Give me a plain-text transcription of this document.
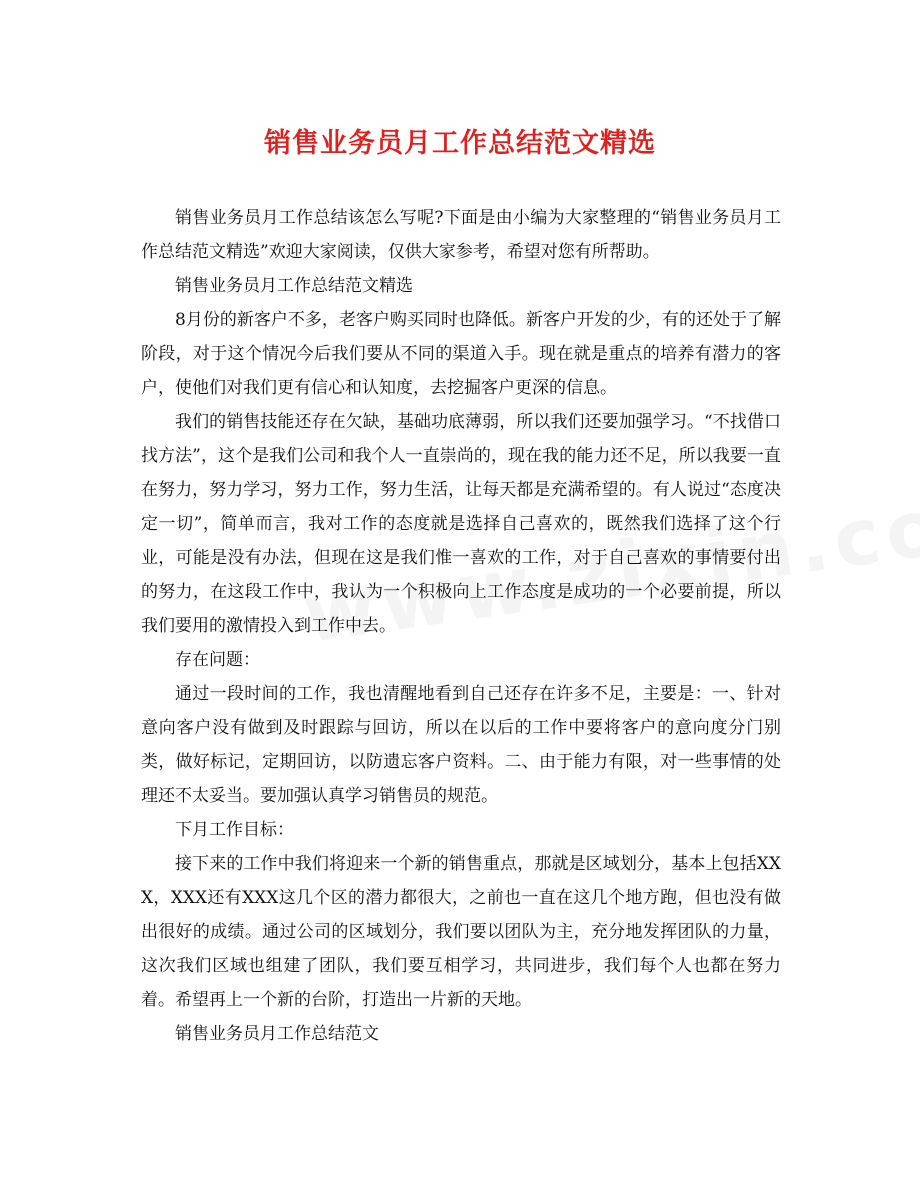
销售业务员月工作总结范文精选

销售业务员月工作总结该怎么写呢?下面是由小编为大家整理的“销售业务员月工作总结范文精选”欢迎大家阅读，仅供大家参考，希望对您有所帮助。

销售业务员月工作总结范文精选

8月份的新客户不多，老客户购买同时也降低。新客户开发的少，有的还处于了解阶段，对于这个情况今后我们要从不同的渠道入手。现在就是重点的培养有潜力的客户，使他们对我们更有信心和认知度，去挖掘客户更深的信息。

我们的销售技能还存在欠缺，基础功底薄弱，所以我们还要加强学习。“不找借口找方法”，这个是我们公司和我个人一直崇尚的，现在我的能力还不足，所以我要一直在努力，努力学习，努力工作，努力生活，让每天都是充满希望的。有人说过“态度决定一切”，简单而言，我对工作的态度就是选择自己喜欢的，既然我们选择了这个行业，可能是没有办法，但现在这是我们惟一喜欢的工作，对于自己喜欢的事情要付出的努力，在这段工作中，我认为一个积极向上工作态度是成功的一个必要前提，所以我们要用的激情投入到工作中去。

存在问题：

通过一段时间的工作，我也清醒地看到自己还存在许多不足，主要是：一、针对意向客户没有做到及时跟踪与回访，所以在以后的工作中要将客户的意向度分门别类，做好标记，定期回访，以防遗忘客户资料。二、由于能力有限，对一些事情的处理还不太妥当。要加强认真学习销售员的规范。

下月工作目标：

接下来的工作中我们将迎来一个新的销售重点，那就是区域划分，基本上包括XXX，XXX还有XXX这几个区的潜力都很大，之前也一直在这几个地方跑，但也没有做出很好的成绩。通过公司的区域划分，我们要以团队为主，充分地发挥团队的力量，这次我们区域也组建了团队，我们要互相学习，共同进步，我们每个人也都在努力着。希望再上一个新的台阶，打造出一片新的天地。

销售业务员月工作总结范文
